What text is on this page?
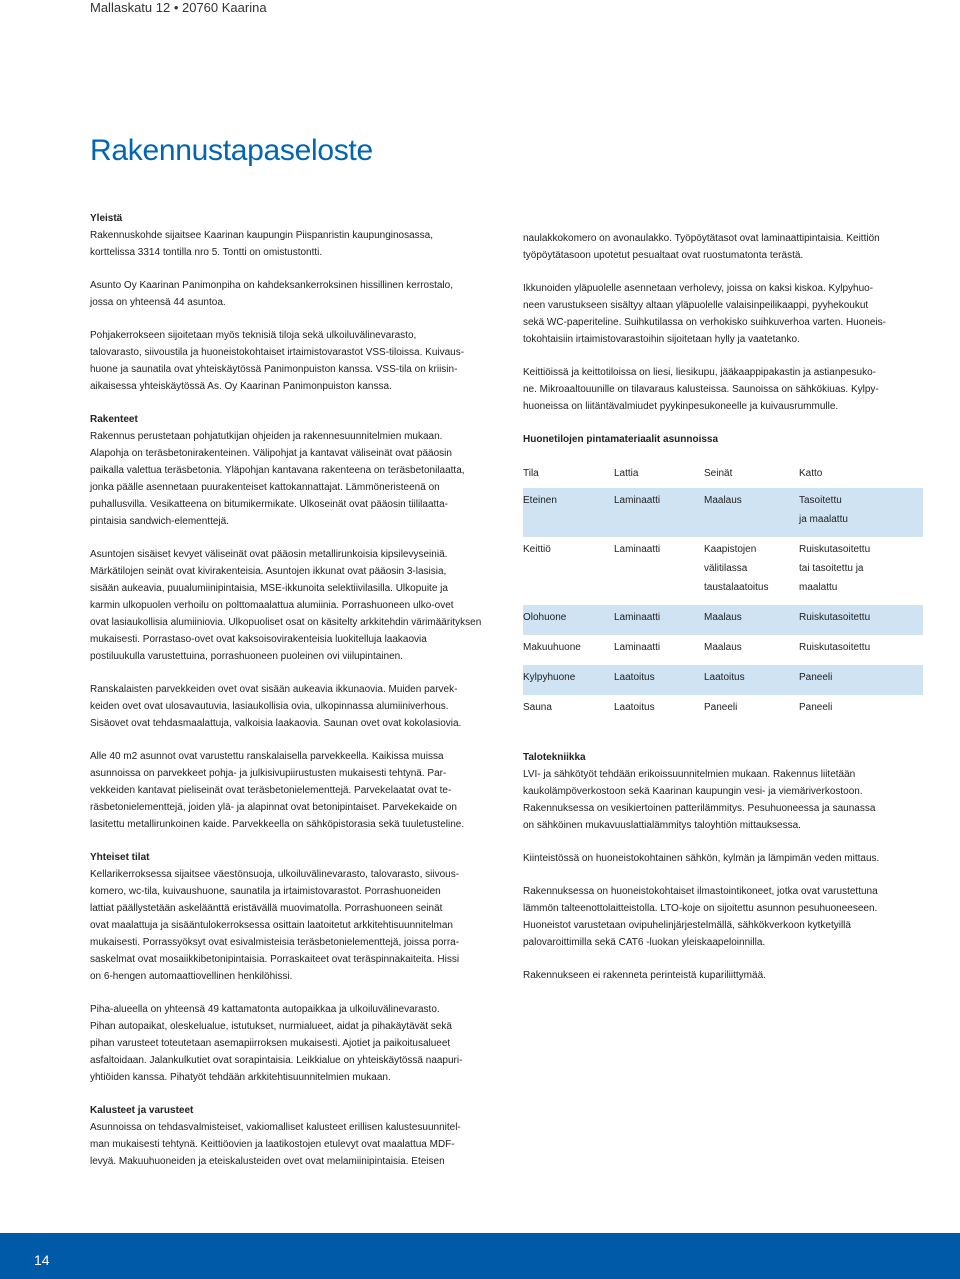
Mallaskatu 12 • 20760 Kaarina
Rakennustapaseloste
Yleistä

Rakennuskohde sijaitsee Kaarinan kaupungin Piispanristin kaupunginosassa,
korttelissa 3314 tontilla nro 5. Tontti on omistustontti.

Asunto Oy Kaarinan Panimonpiha on kahdeksankerroksinen hissillinen kerrostalo,
jossa on yhteensä 44 asuntoa.

Pohjakerrokseen sijoitetaan myös teknisiä tiloja sekä ulkoiluvälinevarasto,
talovarasto, siivoustila ja huoneistokohtaiset irtaimistovarastot VSS-tiloissa. Kuivaus-
huone ja saunatila ovat yhteiskäytössä Panimonpuiston kanssa. VSS-tila on kriisin-
aikaisessa yhteiskäytössä As. Oy Kaarinan Panimonpuiston kanssa.

Rakenteet

Rakennus perustetaan pohjatutkijan ohjeiden ja rakennesuunnitelmien mukaan.
Alapohja on teräsbetonirakenteinen. Välipohjat ja kantavat väliseinät ovat pääosin
paikalla valettua teräsbetonia. Yläpohjan kantavana rakenteena on teräsbetonilaatta,
jonka päälle asennetaan puurakenteiset kattokannattajat. Lämmöneristeenä on
puhallusvilla. Vesikatteena on bitumikermikate. Ulkoseinät ovat pääosin tiililaatta-
pintaisia sandwich-elementtejä.

Asuntojen sisäiset kevyet väliseinät ovat pääosin metallirunkoisia kipsilevyseiniä.
Märkätilojen seinät ovat kivirakenteisia. Asuntojen ikkunat ovat pääosin 3-lasisia,
sisään aukeavia, puualumiinipintaisia, MSE-ikkunoita selektiivilasilla. Ulkopuite ja
karmin ulkopuolen verhoilu on polttomaalattua alumiinia. Porrashuoneen ulko-ovet
ovat lasiaukollisia alumiiniovia. Ulkopuoliset osat on käsitelty arkkitehdin värimäärityksen mukaisesti. Porrastaso-ovet ovat kaksoisovirakenteisia luokitelluja laakaovia
postiluukulla varustettuina, porrashuoneen puoleinen ovi viilupintainen.

Ranskalaisten parvekkeiden ovet ovat sisään aukeavia ikkunaovia. Muiden parvek-
keiden ovet ovat ulosavautuvia, lasiaukollisia ovia, ulkopinnassa alumiiniverhous.
Sisäovet ovat tehdasmaalattuja, valkoisia laakaovia. Saunan ovet ovat kokolasiovia.

Alle 40 m2 asunnot ovat varustettu ranskalaisella parvekkeella. Kaikissa muissa
asunnoissa on parvekkeet pohja- ja julkisivupiirustusten mukaisesti tehtynä. Par-
vekkeiden kantavat pieliseinät ovat teräsbetonielementtejä. Parvekelaatat ovat te-
räsbetonielementtejä, joiden ylä- ja alapinnat ovat betonipintaiset. Parvekekaide on
lasitettu metallirunkoinen kaide. Parvekkeella on sähköpistorasia sekä tuuletusteline.

Yhteiset tilat

Kellarikerroksessa sijaitsee väestönsuoja, ulkoiluvälinevarasto, talovarasto, siivous-
komero, wc-tila, kuivaushuone, saunatila ja irtaimistovarastot. Porrashuoneiden
lattiat päällystetään askeläänttä eristävällä muovimatolla. Porrashuoneen seinät
ovat maalattuja ja sisääntulokerroksessa osittain laatoitetut arkkitehtisuunnitelman
mukaisesti. Porrassyöksyt ovat esivalmisteisia teräsbetonielementtejä, joissa porra-
saskelmat ovat mosaiikkibetonipintaisia. Porraskaiteet ovat teräspinnakaiteita. Hissi
on 6-hengen automaattiovellinen henkilöhissi.

Piha-alueella on yhteensä 49 kattamatonta autopaikkaa ja ulkoiluvälinevarasto.
Pihan autopaikat, oleskelualue, istutukset, nurmialueet, aidat ja pihakäytävät sekä
pihan varusteet toteutetaan asemapiirroksen mukaisesti. Ajotiet ja paikoitusalueet
asfaltoidaan. Jalankulkutiet ovat sorapintaisia. Leikkialue on yhteiskäytössä naapuri-
yhtiöiden kanssa. Pihatyöt tehdään arkkitehtisuunnitelmien mukaan.

Kalusteet ja varusteet

Asunnoissa on tehdasvalmisteiset, vakiomalliset kalusteet erillisen kalustesuunnitel-
man mukaisesti tehtynä. Keittiöovien ja laatikostojen etulevyt ovat maalattua MDF-
levyä. Makuuhuoneiden ja eteiskalusteiden ovet ovat melamiinipintaisia. Eteisen

naulakkokomero on avonaulakko. Työpöytätasot ovat laminaattipintaisia. Keittiön
työpöytätasoon upotetut pesualtaat ovat ruostumatonta terästä.

Ikkunoiden yläpuolelle asennetaan verholevy, joissa on kaksi kiskoa. Kylpyhuo-
neen varustukseen sisältyy altaan yläpuolelle valaisinpeilikaappi, pyyhekoukut
sekä WC-paperiteline. Suihkutilassa on verhokisko suihkuverhoa varten. Huoneis-
tokohtaisiin irtaimistovarastoihin sijoitetaan hylly ja vaatetanko.

Keittiöissä ja keittotiloissa on liesi, liesikupu, jääkaappipakastin ja astianpesuko-
ne. Mikroaaltouunille on tilavaraus kalusteissa. Saunoissa on sähkökiuas. Kylpy-
huoneissa on liitäntävalmiudet pyykinpesukoneelle ja kuivausrummulle.

Huonetilojen pintamateriaalit asunnoissa
Tila	Lattia	Seinät	Katto
Eteinen	Laminaatti	Maalaus	Tasoitettu
ja maalattu
Keittiö	Laminaatti	Kaapistojen
välitilassa
taustalaatoitus	Ruiskutasoitettu
tai tasoitettu ja
maalattu
Olohuone	Laminaatti	Maalaus	Ruiskutasoitettu
Makuuhuone	Laminaatti	Maalaus	Ruiskutasoitettu
Kylpyhuone	Laatoitus	Laatoitus	Paneeli
Sauna	Laatoitus	Paneeli	Paneeli
Talotekniikka

LVI- ja sähkötyöt tehdään erikoissuunnitelmien mukaan. Rakennus liitetään
kaukolämpöverkostoon sekä Kaarinan kaupungin vesi- ja viemäriverkostoon.
Rakennuksessa on vesikiertoinen patterilämmitys. Pesuhuoneessa ja saunassa
on sähköinen mukavuuslattialämmitys taloyhtiön mittauksessa.

Kiinteistössä on huoneistokohtainen sähkön, kylmän ja lämpimän veden mittaus.

Rakennuksessa on huoneistokohtaiset ilmastointikoneet, jotka ovat varustettuna
lämmön talteenottolaitteistolla. LTO-koje on sijoitettu asunnon pesuhuoneeseen.
Huoneistot varustetaan ovipuhelinjärjestelmällä, sähkökverkoon kytketyillä
palovaroittimilla sekä CAT6 -luokan yleiskaapeloinnilla.

Rakennukseen ei rakenneta perinteistä kupariliittymää.

14
